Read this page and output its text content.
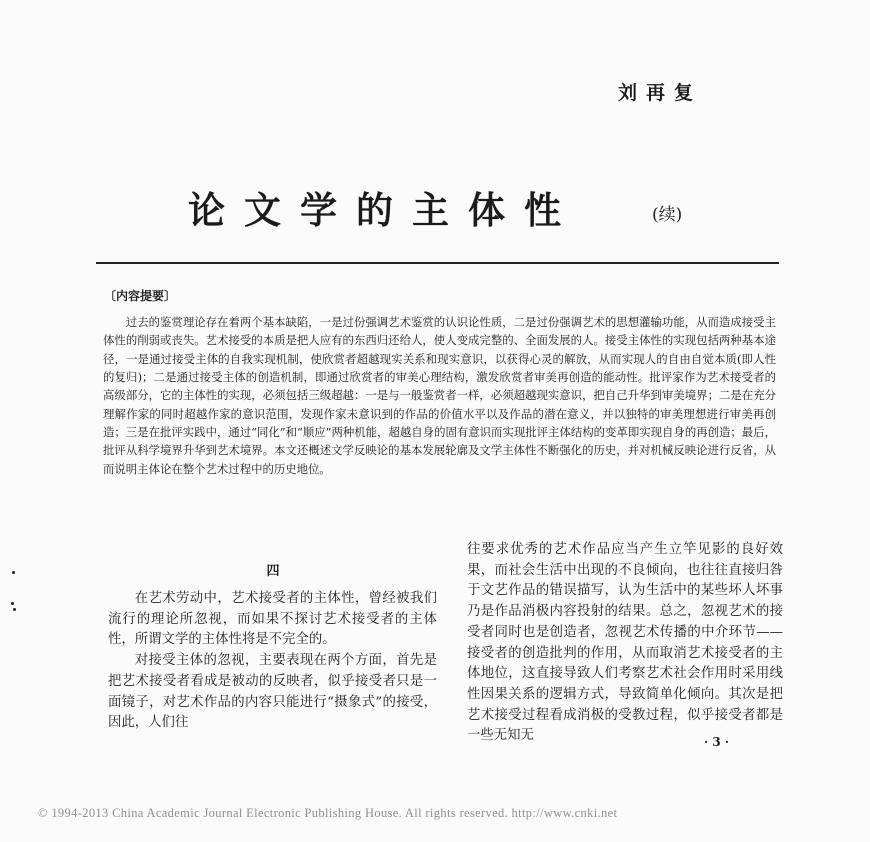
刘再复
论文学的主体性	(续)
〔内容提要〕

过去的鉴赏理论存在着两个基本缺陷，一是过份强调艺术鉴赏的认识论性质，二是过份强调艺术的思想灌输功能，从而造成接受主体性的削弱或丧失。艺术接受的本质是把人应有的东西归还给人，使人变成完整的、全面发展的人。接受主体性的实现包括两种基本途径，一是通过接受主体的自我实现机制，使欣赏者超越现实关系和现实意识，以获得心灵的解放，从而实现人的自由自觉本质(即人性的复归)；二是通过接受主体的创造机制，即通过欣赏者的审美心理结构，激发欣赏者审美再创造的能动性。批评家作为艺术接受者的高级部分，它的主体性的实现，必须包括三级超越：一是与一般鉴赏者一样，必须超越现实意识，把自己升华到审美境界；二是在充分理解作家的同时超越作家的意识范围，发现作家未意识到的作品的价值水平以及作品的潜在意义，并以独特的审美理想进行审美再创造；三是在批评实践中，通过“同化”和“顺应”两种机能，超越自身的固有意识而实现批评主体结构的变革即实现自身的再创造；最后，批评从科学境界升华到艺术境界。本文还概述文学反映论的基本发展轮廓及文学主体性不断强化的历史，并对机械反映论进行反省，从而说明主体论在整个艺术过程中的历史地位。

四

在艺术劳动中，艺术接受者的主体性，曾经被我们流行的理论所忽视，而如果不探讨艺术接受者的主体性，所谓文学的主体性将是不完全的。

对接受主体的忽视，主要表现在两个方面，首先是把艺术接受者看成是被动的反映者，似乎接受者只是一面镜子，对艺术作品的内容只能进行“摄象式”的接受，因此，人们往

往要求优秀的艺术作品应当产生立竿见影的良好效果，而社会生活中出现的不良倾向，也往往直接归咎于文艺作品的错误描写，认为生活中的某些坏人坏事乃是作品消极内容投射的结果。总之，忽视艺术的接受者同时也是创造者，忽视艺术传播的中介环节——接受者的创造批判的作用，从而取消艺术接受者的主体地位，这直接导致人们考察艺术社会作用时采用线性因果关系的逻辑方式，导致简单化倾向。其次是把艺术接受过程看成消极的受教过程，似乎接受者都是一些无知无	· 3 ·
© 1994-2013 China Academic Journal Electronic Publishing House. All rights reserved. http://www.cnki.net
